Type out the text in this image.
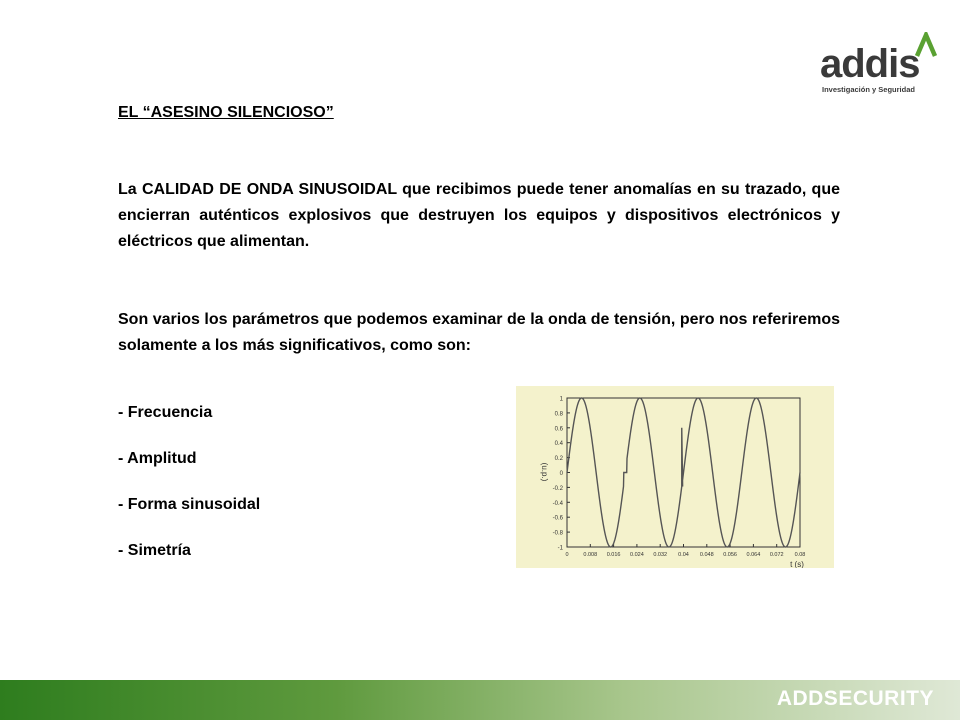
addis
Investigación y Seguridad
EL “ASESINO SILENCIOSO”

La CALIDAD DE ONDA SINUSOIDAL que recibimos puede tener anomalías en su trazado, que encierran auténticos explosivos que destruyen los equipos y dispositivos electrónicos y eléctricos que alimentan.

Son varios los parámetros que podemos examinar de la onda de tensión, pero nos referiremos solamente a los más significativos, como son:

- Frecuencia
- Amplitud
- Forma sinusoidal
- Simetría
1
0.8
0.6
0.4
0.2
0
-0.2
-0.4
-0.6
-0.8
-1
0	0.008 0.016 0.024 0.032 0.04 0.048 0.056 0.064 0.072 0.08
(u.p.)
t (s)
ADDSECURITY
